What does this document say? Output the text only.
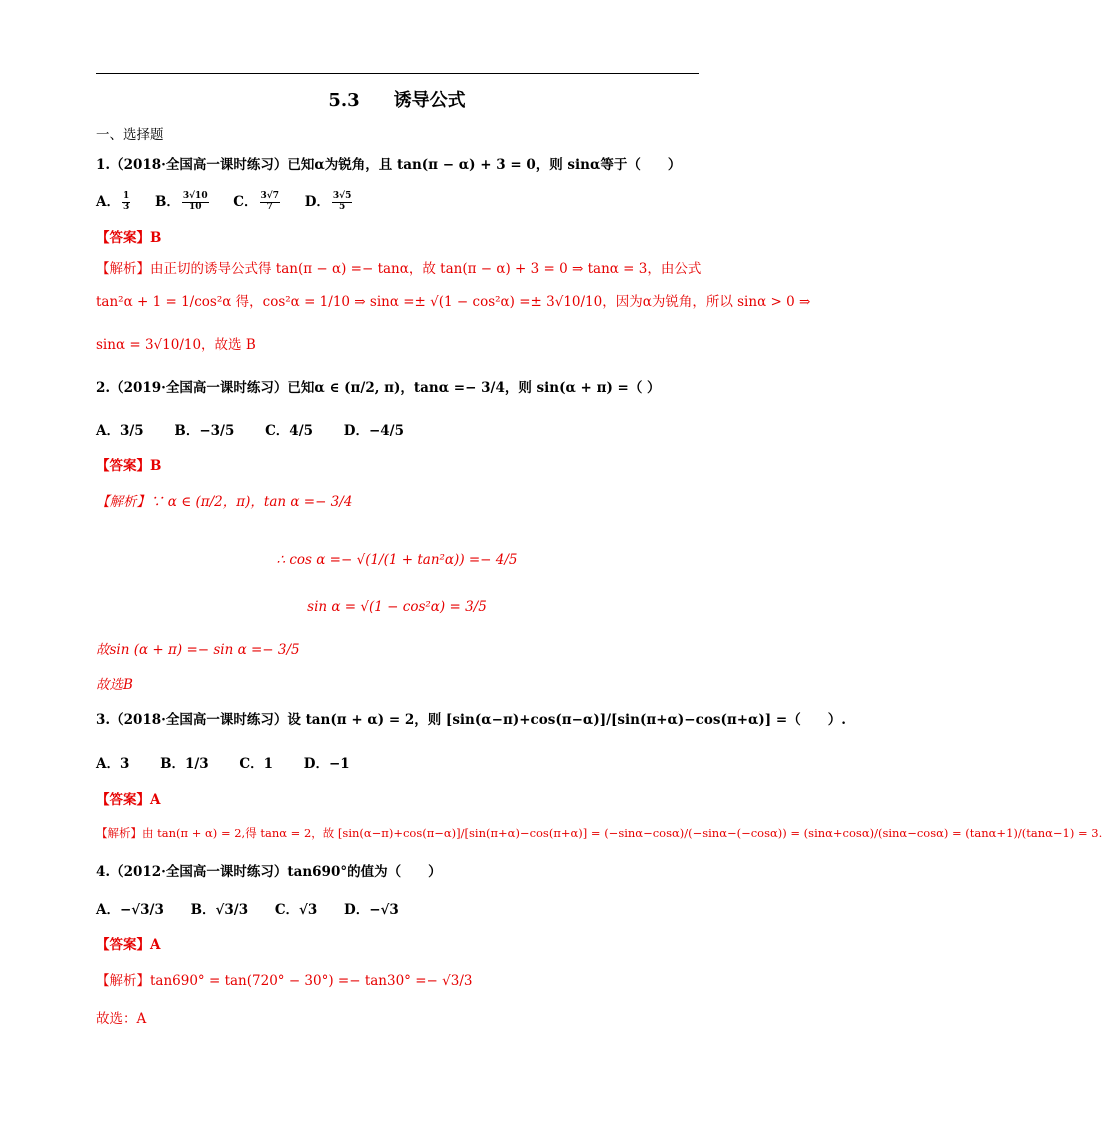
5.3 诱导公式
一、选择题
1.（2018·全国高一课时练习）已知α为锐角，且 tan(π − α) + 3 = 0，则 sinα等于（　　）
A． $\frac{1}{3}$ B． $\frac{3√10}{10}$ C． $\frac{3√7}{7}$ D． $\frac{3√5}{5}$
【答案】B
【解析】由正切的诱导公式得 tan(π − α) =− tanα，故 tan(π − α) + 3 = 0 ⇒ tanα = 3，由公式
tan²α + 1 = 1/cos²α 得，cos²α = 1/10 ⇒ sinα =± √(1 − cos²α) =± 3√10/10，因为α为锐角，所以 sinα > 0 ⇒
sinα = 3√10/10，故选 B
2.（2019·全国高一课时练习）已知α ∈ (π/2, π)，tanα =− 3/4，则 sin(α + π) =（ ）
A．3/5 B．−3/5 C．4/5 D．−4/5
【答案】B
【解析】∵ α ∈ (π/2，π)，tan α =− 3/4
∴ cos α =− √(1/(1 + tan²α)) =− 4/5
sin α = √(1 − cos²α) = 3/5
故sin (α + π) =− sin α =− 3/5
故选B
3.（2018·全国高一课时练习）设 tan(π + α) = 2，则 [sin(α−π)+cos(π−α)]/[sin(π+α)−cos(π+α)] =（　　）.
A．3 B．1/3 C．1 D．−1
【答案】A
【解析】由 tan(π + α) = 2,得 tanα = 2，故 [sin(α−π)+cos(π−α)]/[sin(π+α)−cos(π+α)] = (−sinα−cosα)/(−sinα−(−cosα)) = (sinα+cosα)/(sinα−cosα) = (tanα+1)/(tanα−1) = 3.
4.（2012·全国高一课时练习）tan690°的值为（　　）
A．−√3/3 B．√3/3 C．√3 D．−√3
【答案】A
【解析】tan690° = tan(720° − 30°) =− tan30° =− √3/3
故选：A
